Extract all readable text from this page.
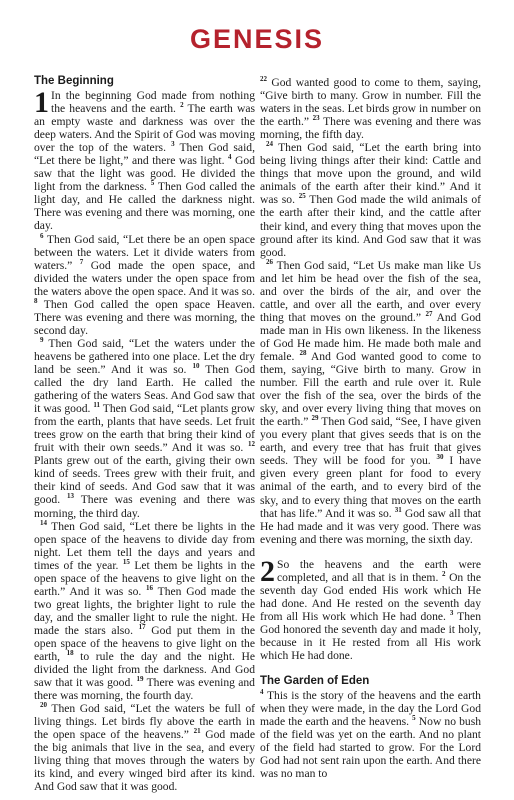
GENESIS
The Beginning

1 In the beginning God made from nothing the heavens and the earth. $^2$ The earth was an empty waste and darkness was over the deep waters. And the Spirit of God was moving over the top of the waters. $^3$ Then God said, “Let there be light,” and there was light. $^4$ God saw that the light was good. He divided the light from the darkness. $^5$ Then God called the light day, and He called the darkness night. There was evening and there was morning, one day.

$^6$ Then God said, “Let there be an open space between the waters. Let it divide waters from waters.” $^7$ God made the open space, and divided the waters under the open space from the waters above the open space. And it was so. $^8$ Then God called the open space Heaven. There was evening and there was morning, the second day.

$^9$ Then God said, “Let the waters under the heavens be gathered into one place. Let the dry land be seen.” And it was so. $^{10}$ Then God called the dry land Earth. He called the gathering of the waters Seas. And God saw that it was good. $^{11}$ Then God said, “Let plants grow from the earth, plants that have seeds. Let fruit trees grow on the earth that bring their kind of fruit with their own seeds.” And it was so. $^{12}$ Plants grew out of the earth, giving their own kind of seeds. Trees grew with their fruit, and their kind of seeds. And God saw that it was good. $^{13}$ There was evening and there was morning, the third day.

$^{14}$ Then God said, “Let there be lights in the open space of the heavens to divide day from night. Let them tell the days and years and times of the year. $^{15}$ Let them be lights in the open space of the heavens to give light on the earth.” And it was so. $^{16}$ Then God made the two great lights, the brighter light to rule the day, and the smaller light to rule the night. He made the stars also. $^{17}$ God put them in the open space of the heavens to give light on the earth, $^{18}$ to rule the day and the night. He divided the light from the darkness. And God saw that it was good. $^{19}$ There was evening and there was morning, the fourth day.

$^{20}$ Then God said, “Let the waters be full of living things. Let birds fly above the earth in the open space of the heavens.” $^{21}$ God made the big animals that live in the sea, and every living thing that moves through the waters by its kind, and every winged bird after its kind. And God saw that it was good.

$^{22}$ God wanted good to come to them, saying, “Give birth to many. Grow in number. Fill the waters in the seas. Let birds grow in number on the earth.” $^{23}$ There was evening and there was morning, the fifth day.

$^{24}$ Then God said, “Let the earth bring into being living things after their kind: Cattle and things that move upon the ground, and wild animals of the earth after their kind.” And it was so. $^{25}$ Then God made the wild animals of the earth after their kind, and the cattle after their kind, and every thing that moves upon the ground after its kind. And God saw that it was good.

$^{26}$ Then God said, “Let Us make man like Us and let him be head over the fish of the sea, and over the birds of the air, and over the cattle, and over all the earth, and over every thing that moves on the ground.” $^{27}$ And God made man in His own likeness. In the likeness of God He made him. He made both male and female. $^{28}$ And God wanted good to come to them, saying, “Give birth to many. Grow in number. Fill the earth and rule over it. Rule over the fish of the sea, over the birds of the sky, and over every living thing that moves on the earth.” $^{29}$ Then God said, “See, I have given you every plant that gives seeds that is on the earth, and every tree that has fruit that gives seeds. They will be food for you. $^{30}$ I have given every green plant for food to every animal of the earth, and to every bird of the sky, and to every thing that moves on the earth that has life.” And it was so. $^{31}$ God saw all that He had made and it was very good. There was evening and there was morning, the sixth day.

2 So the heavens and the earth were completed, and all that is in them. $^2$ On the seventh day God ended His work which He had done. And He rested on the seventh day from all His work which He had done. $^3$ Then God honored the seventh day and made it holy, because in it He rested from all His work which He had done.

The Garden of Eden

$^4$ This is the story of the heavens and the earth when they were made, in the day the Lord God made the earth and the heavens. $^5$ Now no bush of the field was yet on the earth. And no plant of the field had started to grow. For the Lord God had not sent rain upon the earth. And there was no man to
